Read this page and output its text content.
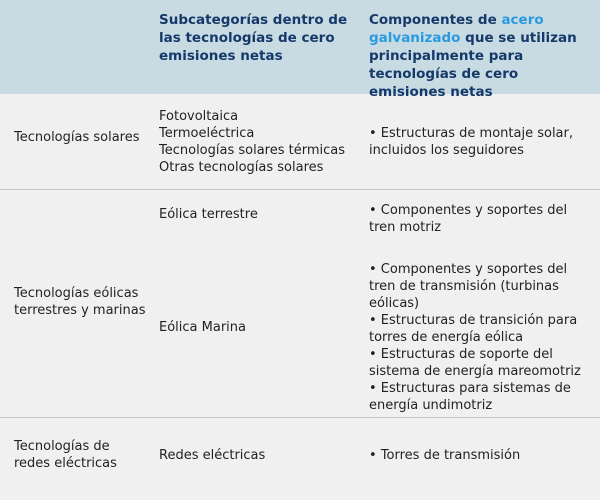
Subcategorías dentro de las tecnologías de cero emisiones netas
Componentes de acero galvanizado que se utilizan principalmente para tecnologías de cero emisiones netas
Tecnologías solares
Fotovoltaica
Termoeléctrica
Tecnologías solares térmicas
Otras tecnologías solares
• Estructuras de montaje solar, incluidos los seguidores
Tecnologías eólicas terrestres y marinas
Eólica terrestre	• Componentes y soportes del tren motriz
Eólica Marina
• Componentes y soportes del tren de transmisión (turbinas eólicas)
• Estructuras de transición para torres de energía eólica
• Estructuras de soporte del sistema de energía mareomotriz
• Estructuras para sistemas de energía undimotriz
Tecnologías de redes eléctricas
Redes eléctricas	• Torres de transmisión
